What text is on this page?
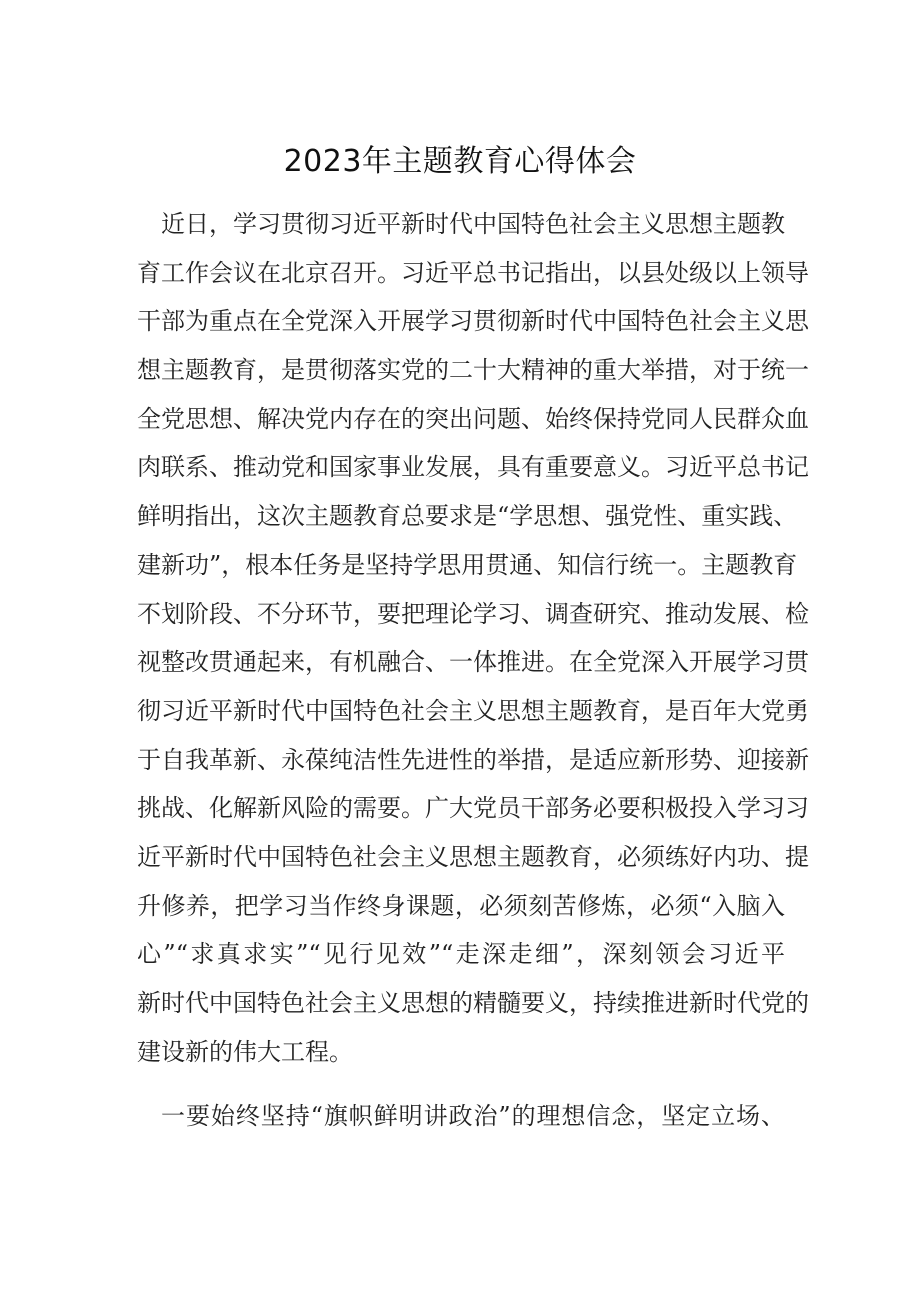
2023年主题教育心得体会
近日，学习贯彻习近平新时代中国特色社会主义思想主题教
育工作会议在北京召开。习近平总书记指出，以县处级以上领导
干部为重点在全党深入开展学习贯彻新时代中国特色社会主义思
想主题教育，是贯彻落实党的二十大精神的重大举措，对于统一
全党思想、解决党内存在的突出问题、始终保持党同人民群众血
肉联系、推动党和国家事业发展，具有重要意义。习近平总书记
鲜明指出，这次主题教育总要求是“学思想、强党性、重实践、
建新功”，根本任务是坚持学思用贯通、知信行统一。主题教育
不划阶段、不分环节，要把理论学习、调查研究、推动发展、检
视整改贯通起来，有机融合、一体推进。在全党深入开展学习贯
彻习近平新时代中国特色社会主义思想主题教育，是百年大党勇
于自我革新、永葆纯洁性先进性的举措，是适应新形势、迎接新
挑战、化解新风险的需要。广大党员干部务必要积极投入学习习
近平新时代中国特色社会主义思想主题教育，必须练好内功、提
升修养，把学习当作终身课题，必须刻苦修炼，必须“入脑入
心”“求真求实”“见行见效”“走深走细”，深刻领会习近平
新时代中国特色社会主义思想的精髓要义，持续推进新时代党的
建设新的伟大工程。
一要始终坚持“旗帜鲜明讲政治”的理想信念，坚定立场、
